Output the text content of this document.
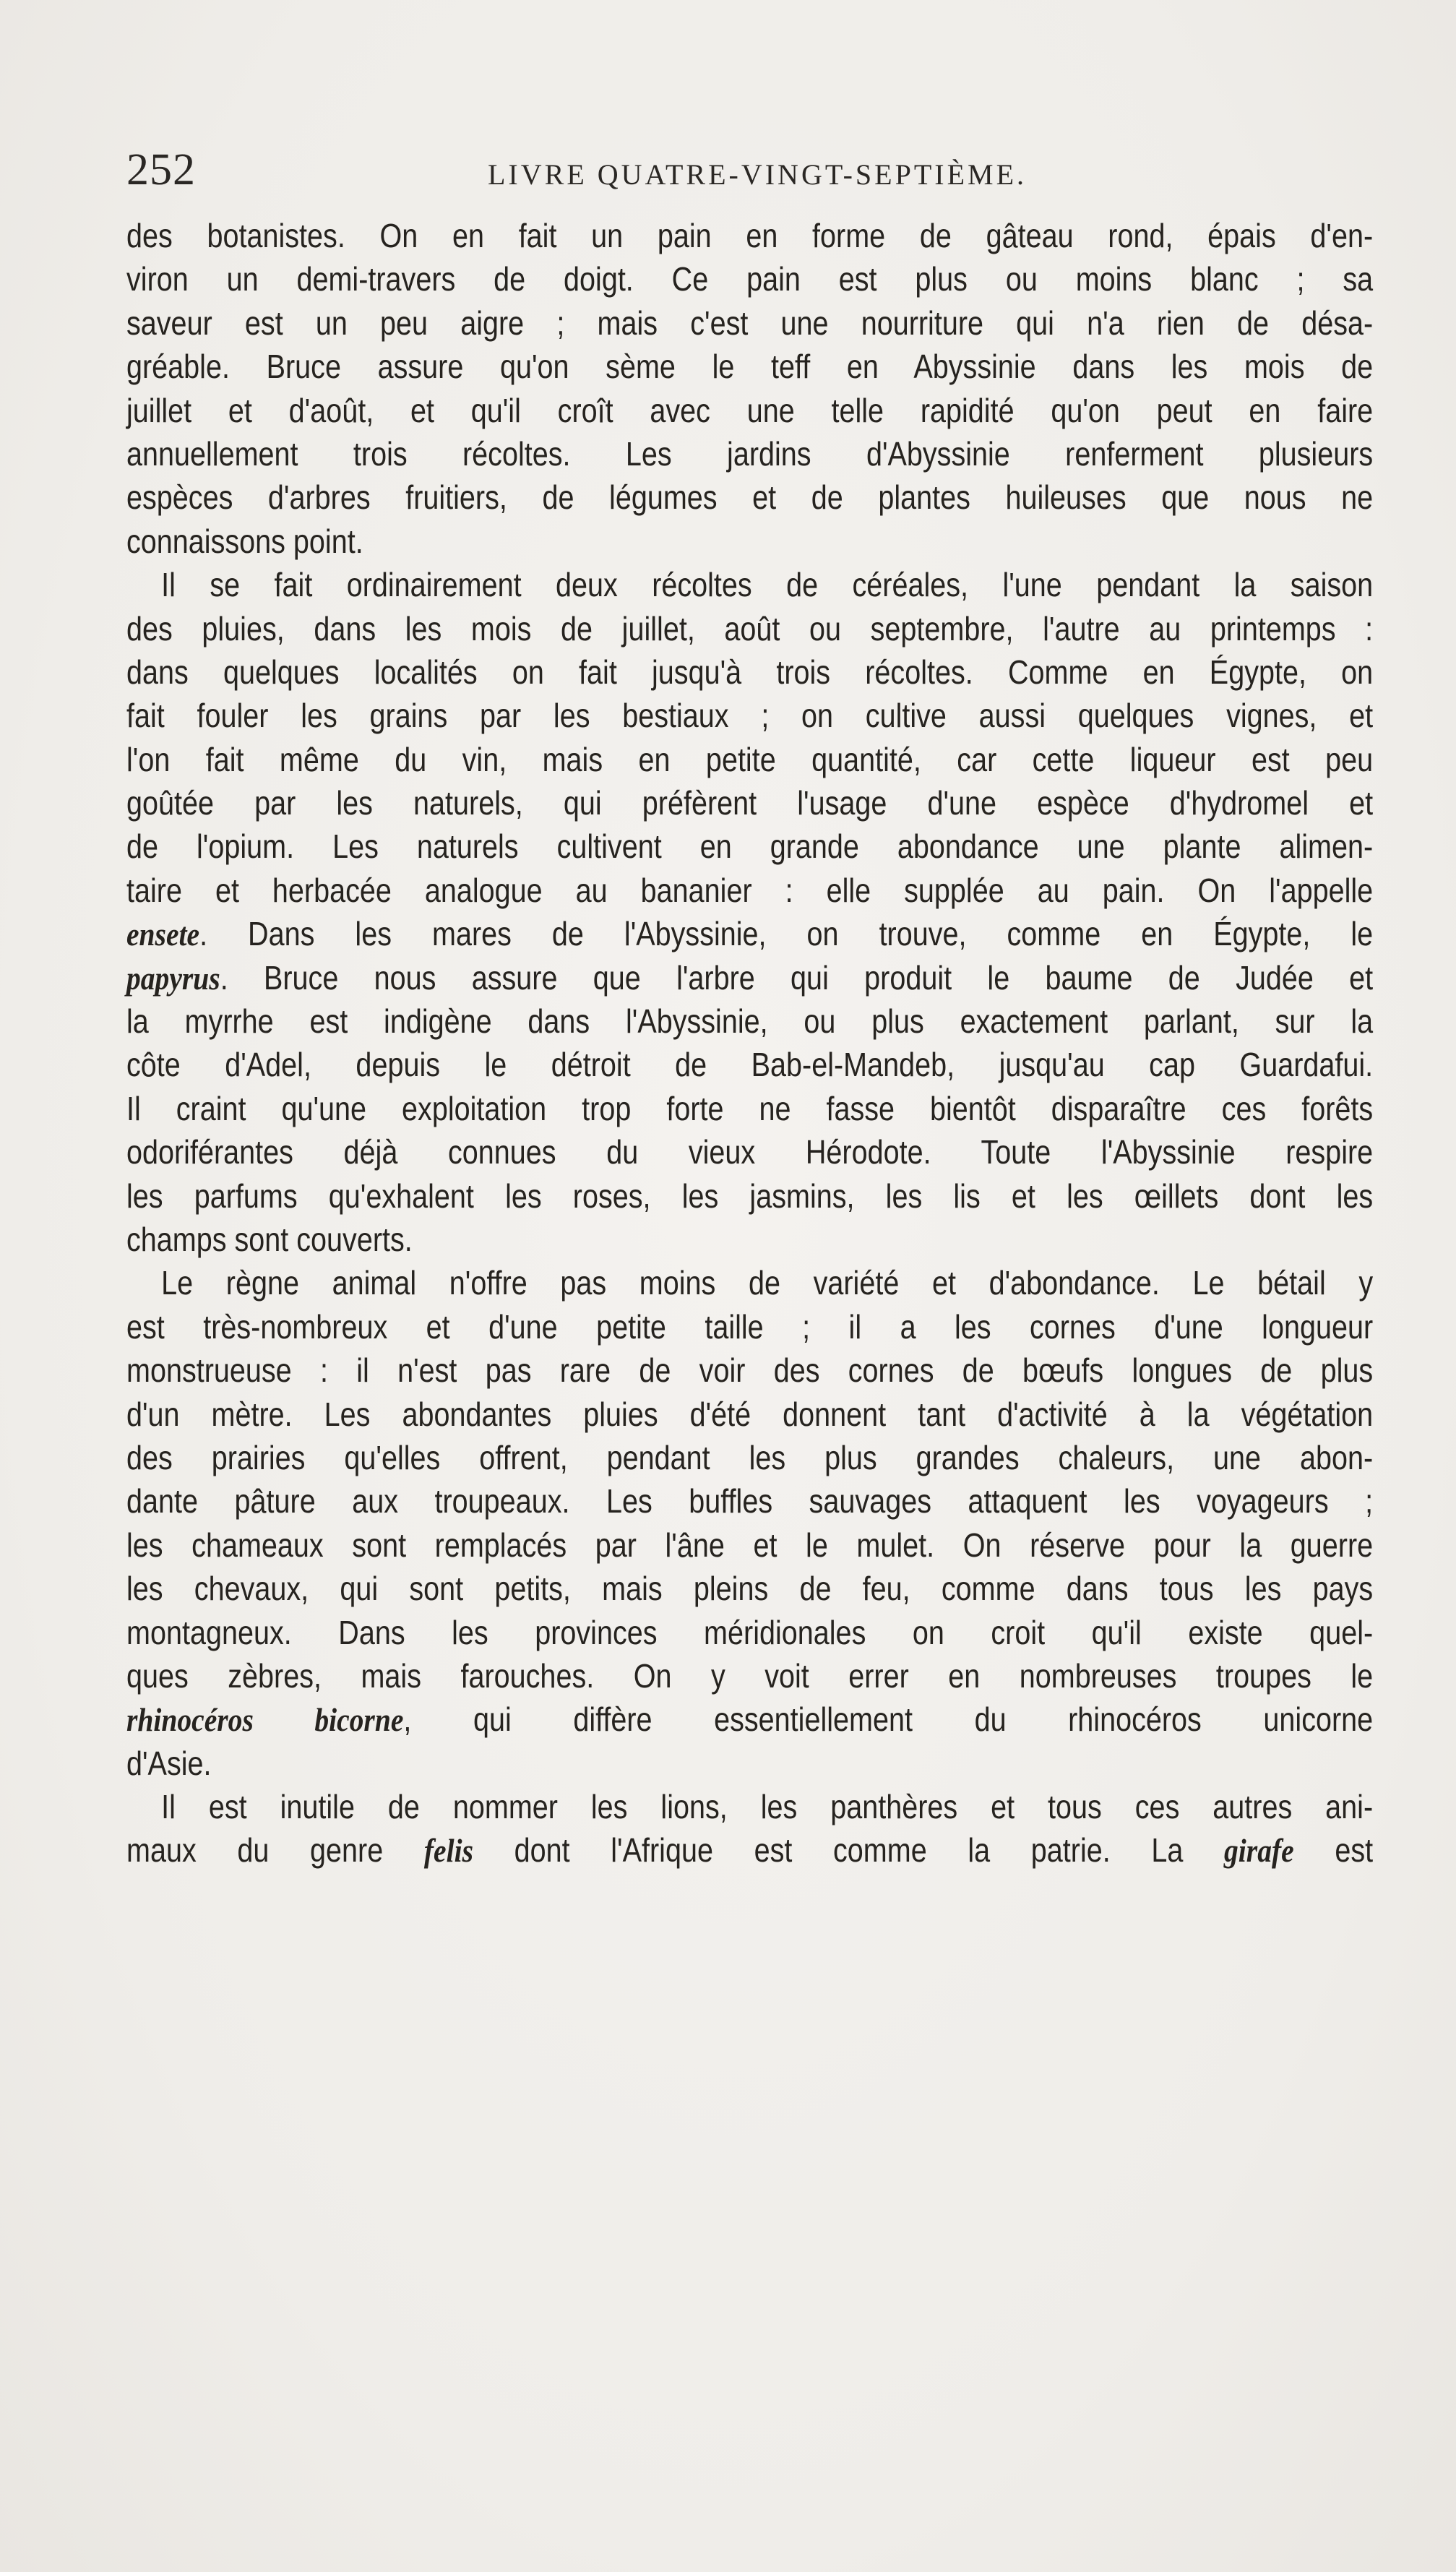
252	LIVRE QUATRE-VINGT-SEPTIÈME.
des botanistes. On en fait un pain en forme de gâteau rond, épais d'en-
viron un demi-travers de doigt. Ce pain est plus ou moins blanc ; sa
saveur est un peu aigre ; mais c'est une nourriture qui n'a rien de désa-
gréable. Bruce assure qu'on sème le teff en Abyssinie dans les mois de
juillet et d'août, et qu'il croît avec une telle rapidité qu'on peut en faire
annuellement trois récoltes. Les jardins d'Abyssinie renferment plusieurs
espèces d'arbres fruitiers, de légumes et de plantes huileuses que nous ne
connaissons point.
Il se fait ordinairement deux récoltes de céréales, l'une pendant la saison
des pluies, dans les mois de juillet, août ou septembre, l'autre au printemps :
dans quelques localités on fait jusqu'à trois récoltes. Comme en Égypte, on
fait fouler les grains par les bestiaux ; on cultive aussi quelques vignes, et
l'on fait même du vin, mais en petite quantité, car cette liqueur est peu
goûtée par les naturels, qui préfèrent l'usage d'une espèce d'hydromel et
de l'opium. Les naturels cultivent en grande abondance une plante alimen-
taire et herbacée analogue au bananier : elle supplée au pain. On l'appelle
ensete. Dans les mares de l'Abyssinie, on trouve, comme en Égypte, le
papyrus. Bruce nous assure que l'arbre qui produit le baume de Judée et
la myrrhe est indigène dans l'Abyssinie, ou plus exactement parlant, sur la
côte d'Adel, depuis le détroit de Bab-el-Mandeb, jusqu'au cap Guardafui.
Il craint qu'une exploitation trop forte ne fasse bientôt disparaître ces forêts
odoriférantes déjà connues du vieux Hérodote. Toute l'Abyssinie respire
les parfums qu'exhalent les roses, les jasmins, les lis et les œillets dont les
champs sont couverts.
Le règne animal n'offre pas moins de variété et d'abondance. Le bétail y
est très-nombreux et d'une petite taille ; il a les cornes d'une longueur
monstrueuse : il n'est pas rare de voir des cornes de bœufs longues de plus
d'un mètre. Les abondantes pluies d'été donnent tant d'activité à la végétation
des prairies qu'elles offrent, pendant les plus grandes chaleurs, une abon-
dante pâture aux troupeaux. Les buffles sauvages attaquent les voyageurs ;
les chameaux sont remplacés par l'âne et le mulet. On réserve pour la guerre
les chevaux, qui sont petits, mais pleins de feu, comme dans tous les pays
montagneux. Dans les provinces méridionales on croit qu'il existe quel-
ques zèbres, mais farouches. On y voit errer en nombreuses troupes le
rhinocéros bicorne, qui diffère essentiellement du rhinocéros unicorne
d'Asie.
Il est inutile de nommer les lions, les panthères et tous ces autres ani-
maux du genre felis dont l'Afrique est comme la patrie. La girafe est
